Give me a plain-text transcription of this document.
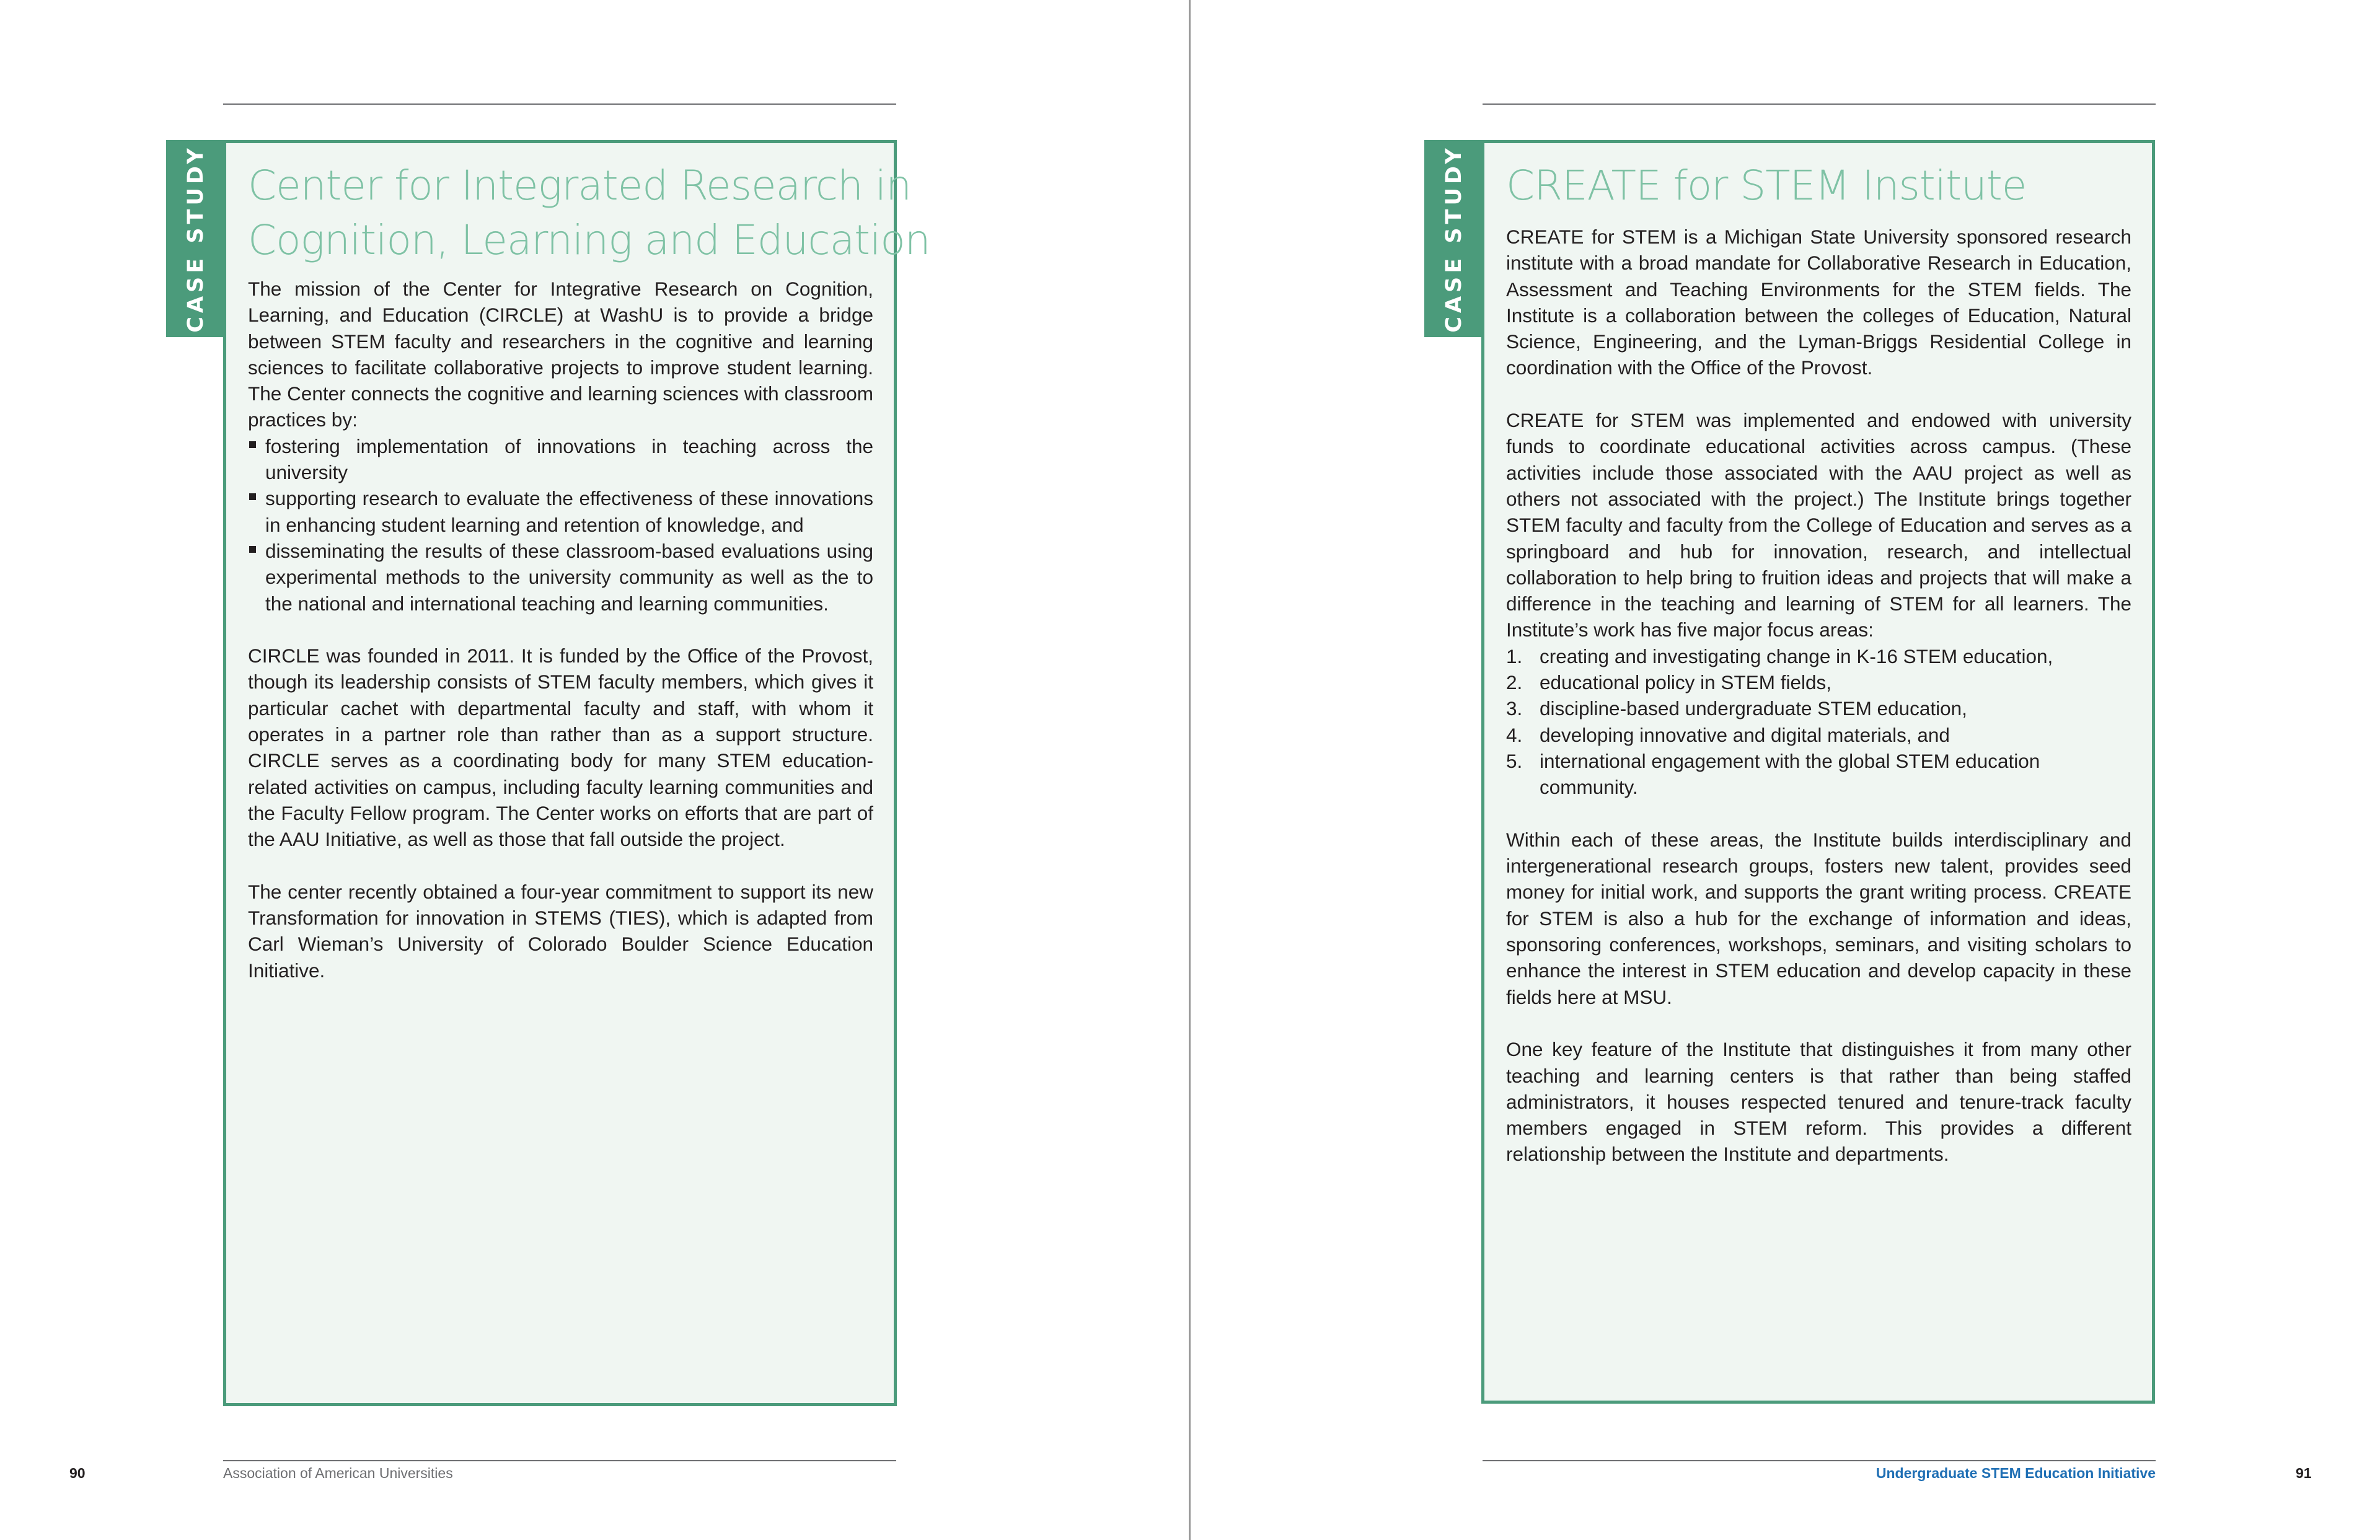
CASE STUDY Center for Integrated Research in
Cognition, Learning and Education

The mission of the Center for Integrative Research on Cognition, Learning, and Education (CIRCLE) at WashU is to provide a bridge between STEM faculty and researchers in the cognitive and learning sciences to facilitate collaborative projects to improve student learning. The Center connects the cognitive and learning sciences with classroom practices by:

fostering implementation of innovations in teaching across the university
supporting research to evaluate the effectiveness of these innovations in enhancing student learning and retention of knowledge, and
disseminating the results of these classroom-based evaluations using experimental methods to the university community as well as the to the national and international teaching and learning communities.

CIRCLE was founded in 2011. It is funded by the Office of the Provost, though its leadership consists of STEM faculty members, which gives it particular cachet with departmental faculty and staff, with whom it operates in a partner role than rather than as a support structure. CIRCLE serves as a coordinating body for many STEM education-related activities on campus, including faculty learning communities and the Faculty Fellow program. The Center works on efforts that are part of the AAU Initiative, as well as those that fall outside the project.

The center recently obtained a four-year commitment to support its new Transformation for innovation in STEMS (TIES), which is adapted from Carl Wieman’s University of Colorado Boulder Science Education Initiative.

90	Association of American Universities
CASE STUDY CREATE for STEM Institute

CREATE for STEM is a Michigan State University sponsored research institute with a broad mandate for Collaborative Research in Education, Assessment and Teaching Environments for the STEM fields. The Institute is a collaboration between the colleges of Education, Natural Science, Engineering, and the Lyman-Briggs Residential College in coordination with the Office of the Provost.

CREATE for STEM was implemented and endowed with university funds to coordinate educational activities across campus. (These activities include those associated with the AAU project as well as others not associated with the project.) The Institute brings together STEM faculty and faculty from the College of Education and serves as a springboard and hub for innovation, research, and intellectual collaboration to help bring to fruition ideas and projects that will make a difference in the teaching and learning of STEM for all learners. The Institute’s work has five major focus areas:

1. creating and investigating change in K-16 STEM education,
2. educational policy in STEM fields,
3. discipline-based undergraduate STEM education,
4. developing innovative and digital materials, and
5. international engagement with the global STEM education community.

Within each of these areas, the Institute builds interdisciplinary and intergenerational research groups, fosters new talent, provides seed money for initial work, and supports the grant writing process. CREATE for STEM is also a hub for the exchange of information and ideas, sponsoring conferences, workshops, seminars, and visiting scholars to enhance the interest in STEM education and develop capacity in these fields here at MSU.

One key feature of the Institute that distinguishes it from many other teaching and learning centers is that rather than being staffed administrators, it houses respected tenured and tenure-track faculty members engaged in STEM reform. This provides a different relationship between the Institute and departments.

Undergraduate STEM Education Initiative	91
